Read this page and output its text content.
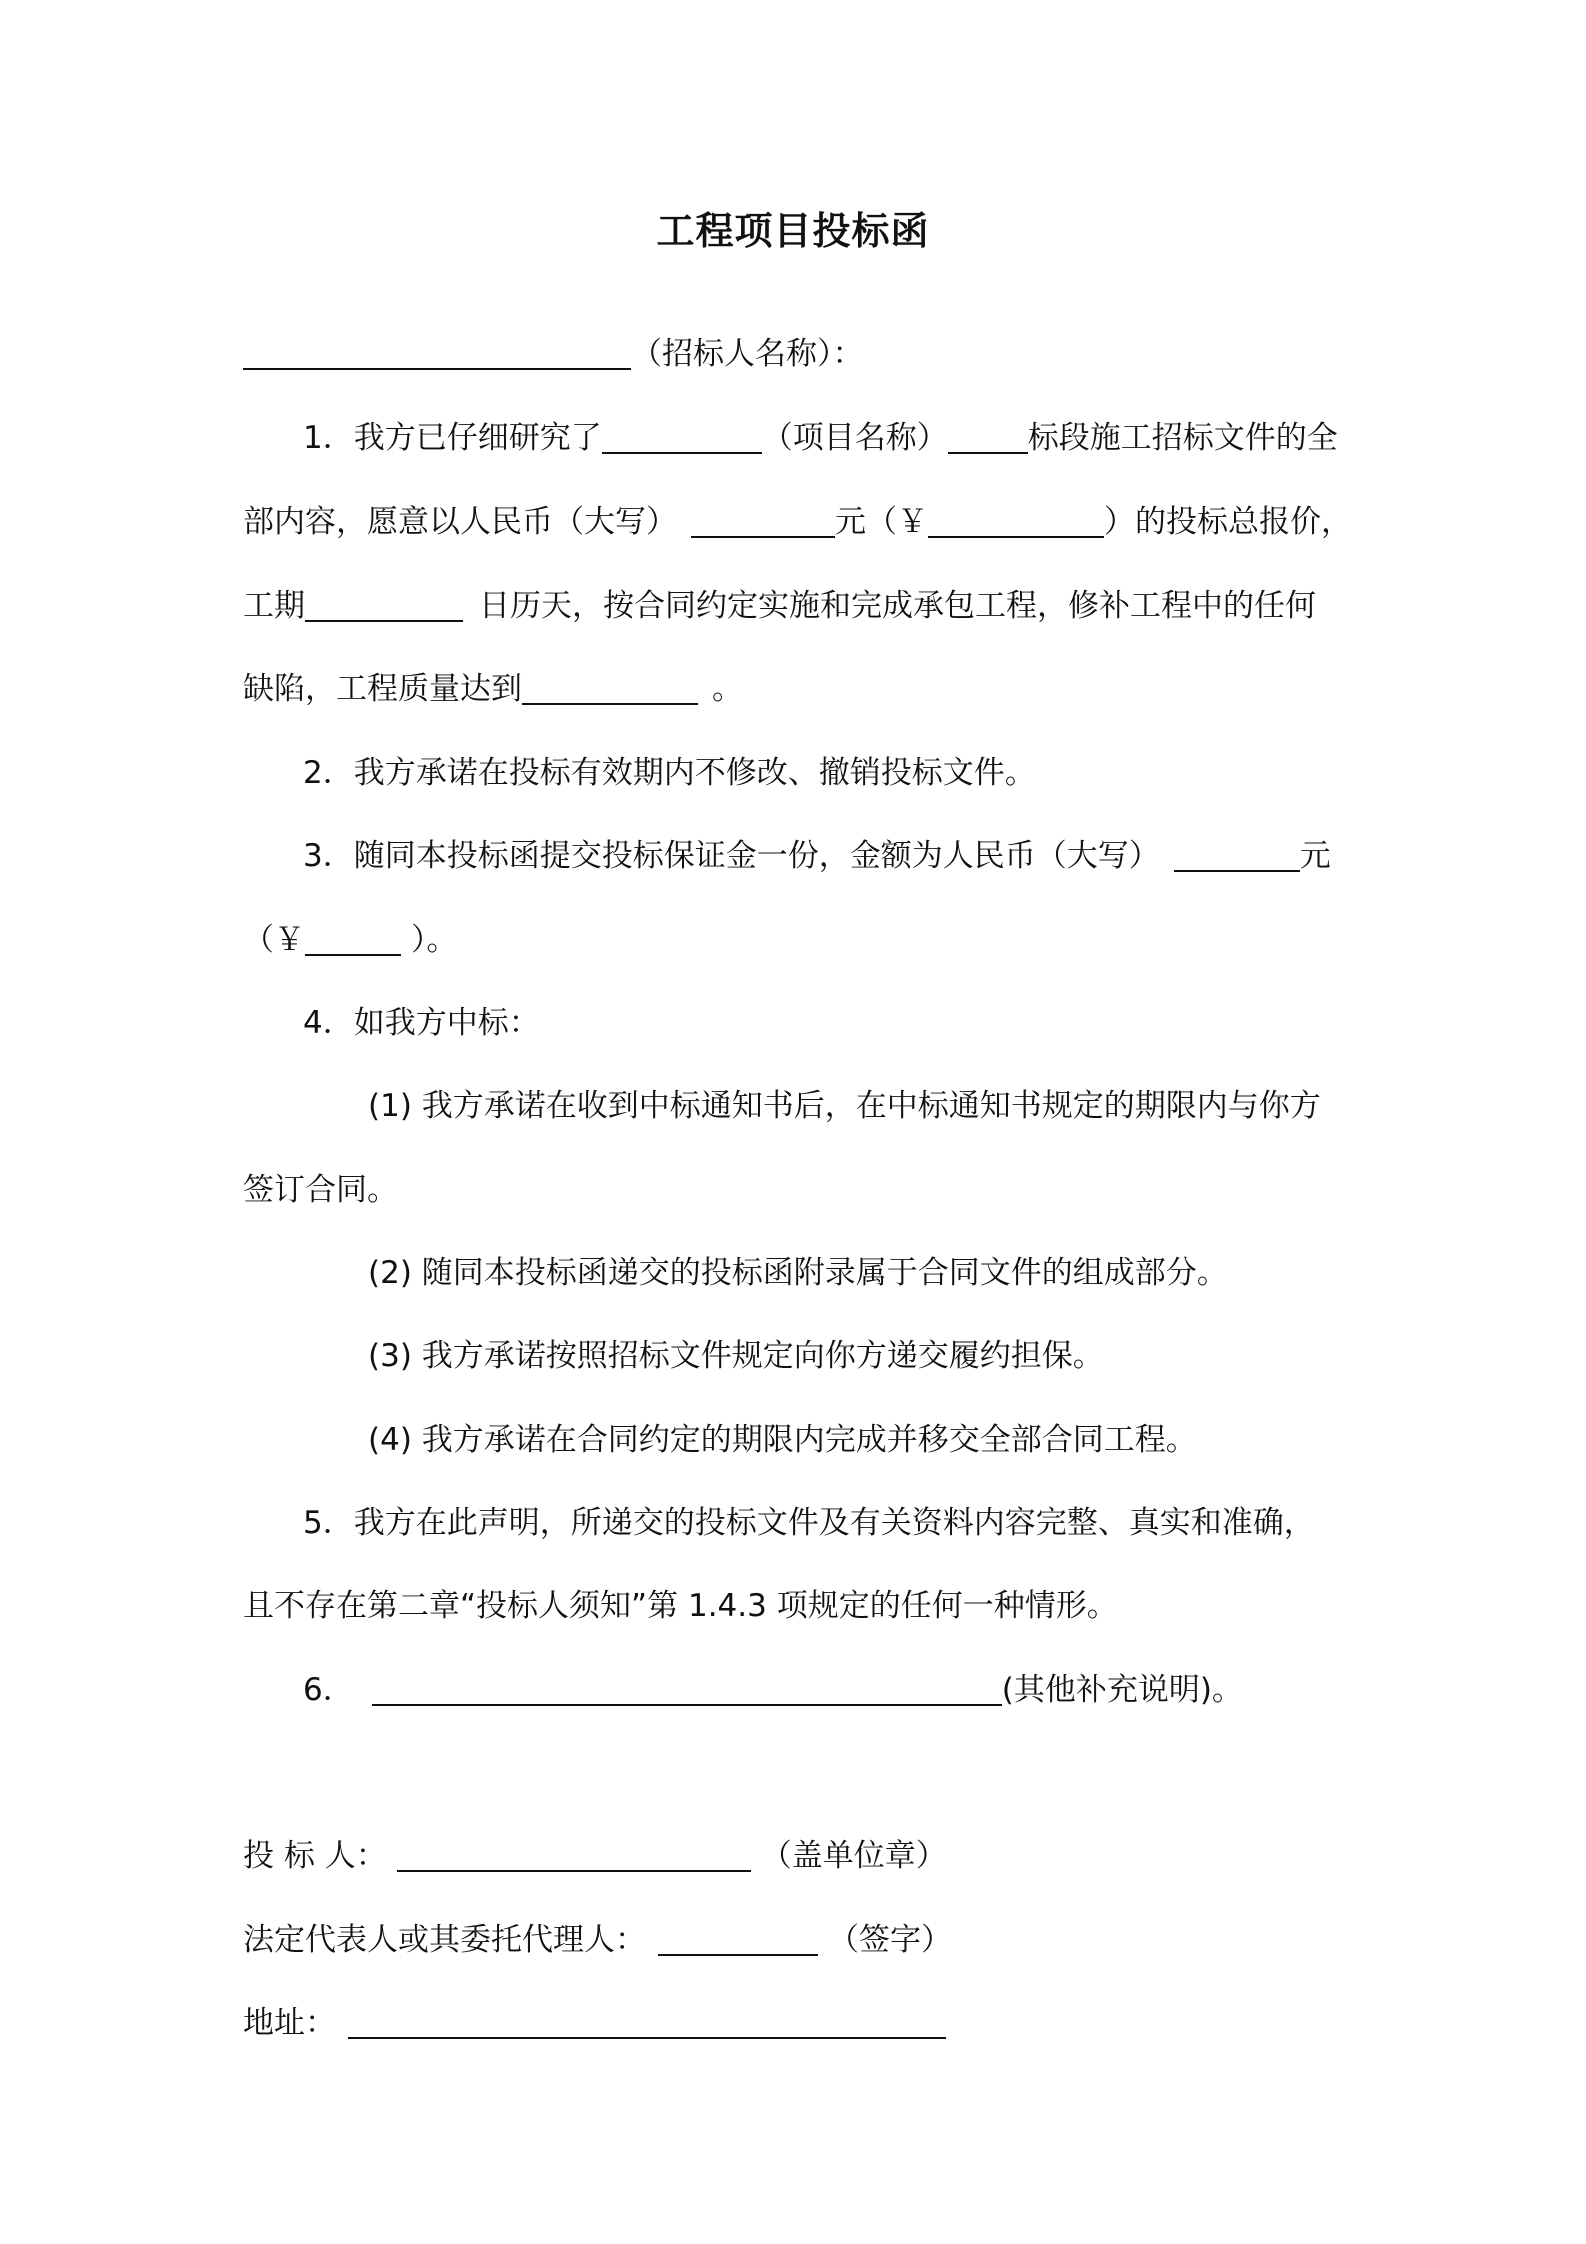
工程项目投标函
（招标人名称）：
1．我方已仔细研究了	（项目名称）	标段施工招标文件的全
部内容，愿意以人民币（大写）	元（￥	）的投标总报价，
工期	日历天，按合同约定实施和完成承包工程，修补工程中的任何
缺陷，工程质量达到	。
2．我方承诺在投标有效期内不修改、撤销投标文件。
3．随同本投标函提交投标保证金一份，金额为人民币（大写）	元
（￥	）。
4．如我方中标：
(1) 我方承诺在收到中标通知书后，在中标通知书规定的期限内与你方
签订合同。
(2) 随同本投标函递交的投标函附录属于合同文件的组成部分。
(3) 我方承诺按照招标文件规定向你方递交履约担保。
(4) 我方承诺在合同约定的期限内完成并移交全部合同工程。
5．我方在此声明，所递交的投标文件及有关资料内容完整、真实和准确，
且不存在第二章“投标人须知”第 1.4.3 项规定的任何一种情形。
6．	(其他补充说明)。
投 标 人：	（盖单位章）
法定代表人或其委托代理人：	（签字）
地址：
